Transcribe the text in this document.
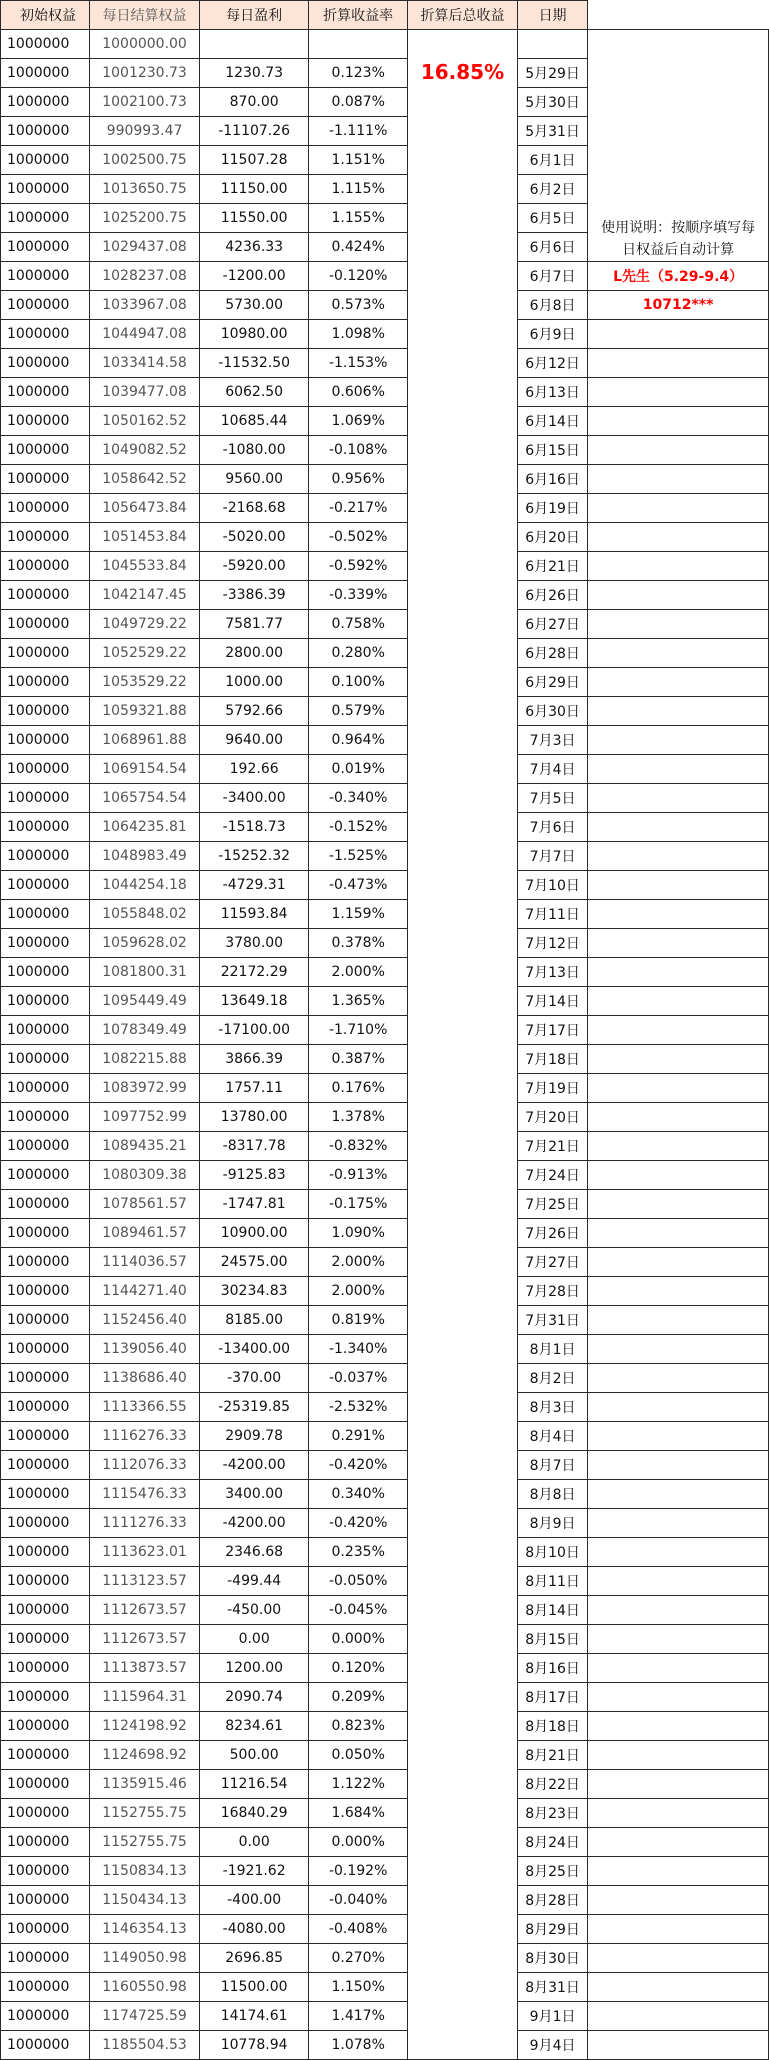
初始权益	每日结算权益	每日盈利	折算收益率	折算后总收益	日期	
1000000	1000000.00			16.85%		使用说明：按顺序填写每日权益后自动计算
1000000	1001230.73	1230.73	0.123%		5月29日	
1000000	1002100.73	870.00	0.087%		5月30日	
1000000	990993.47	-11107.26	-1.111%		5月31日	
1000000	1002500.75	11507.28	1.151%		6月1日	
1000000	1013650.75	11150.00	1.115%		6月2日	
1000000	1025200.75	11550.00	1.155%		6月5日	
1000000	1029437.08	4236.33	0.424%		6月6日	
1000000	1028237.08	-1200.00	-0.120%		6月7日	L先生（5.29-9.4）
1000000	1033967.08	5730.00	0.573%		6月8日	10712***
1000000	1044947.08	10980.00	1.098%		6月9日	
1000000	1033414.58	-11532.50	-1.153%		6月12日	
1000000	1039477.08	6062.50	0.606%		6月13日	
1000000	1050162.52	10685.44	1.069%		6月14日	
1000000	1049082.52	-1080.00	-0.108%		6月15日	
1000000	1058642.52	9560.00	0.956%		6月16日	
1000000	1056473.84	-2168.68	-0.217%		6月19日	
1000000	1051453.84	-5020.00	-0.502%		6月20日	
1000000	1045533.84	-5920.00	-0.592%		6月21日	
1000000	1042147.45	-3386.39	-0.339%		6月26日	
1000000	1049729.22	7581.77	0.758%		6月27日	
1000000	1052529.22	2800.00	0.280%		6月28日	
1000000	1053529.22	1000.00	0.100%		6月29日	
1000000	1059321.88	5792.66	0.579%		6月30日	
1000000	1068961.88	9640.00	0.964%		7月3日	
1000000	1069154.54	192.66	0.019%		7月4日	
1000000	1065754.54	-3400.00	-0.340%		7月5日	
1000000	1064235.81	-1518.73	-0.152%		7月6日	
1000000	1048983.49	-15252.32	-1.525%		7月7日	
1000000	1044254.18	-4729.31	-0.473%		7月10日	
1000000	1055848.02	11593.84	1.159%		7月11日	
1000000	1059628.02	3780.00	0.378%		7月12日	
1000000	1081800.31	22172.29	2.000%		7月13日	
1000000	1095449.49	13649.18	1.365%		7月14日	
1000000	1078349.49	-17100.00	-1.710%		7月17日	
1000000	1082215.88	3866.39	0.387%		7月18日	
1000000	1083972.99	1757.11	0.176%		7月19日	
1000000	1097752.99	13780.00	1.378%		7月20日	
1000000	1089435.21	-8317.78	-0.832%		7月21日	
1000000	1080309.38	-9125.83	-0.913%		7月24日	
1000000	1078561.57	-1747.81	-0.175%		7月25日	
1000000	1089461.57	10900.00	1.090%		7月26日	
1000000	1114036.57	24575.00	2.000%		7月27日	
1000000	1144271.40	30234.83	2.000%		7月28日	
1000000	1152456.40	8185.00	0.819%		7月31日	
1000000	1139056.40	-13400.00	-1.340%		8月1日	
1000000	1138686.40	-370.00	-0.037%		8月2日	
1000000	1113366.55	-25319.85	-2.532%		8月3日	
1000000	1116276.33	2909.78	0.291%		8月4日	
1000000	1112076.33	-4200.00	-0.420%		8月7日	
1000000	1115476.33	3400.00	0.340%		8月8日	
1000000	1111276.33	-4200.00	-0.420%		8月9日	
1000000	1113623.01	2346.68	0.235%		8月10日	
1000000	1113123.57	-499.44	-0.050%		8月11日	
1000000	1112673.57	-450.00	-0.045%		8月14日	
1000000	1112673.57	0.00	0.000%		8月15日	
1000000	1113873.57	1200.00	0.120%		8月16日	
1000000	1115964.31	2090.74	0.209%		8月17日	
1000000	1124198.92	8234.61	0.823%		8月18日	
1000000	1124698.92	500.00	0.050%		8月21日	
1000000	1135915.46	11216.54	1.122%		8月22日	
1000000	1152755.75	16840.29	1.684%		8月23日	
1000000	1152755.75	0.00	0.000%		8月24日	
1000000	1150834.13	-1921.62	-0.192%		8月25日	
1000000	1150434.13	-400.00	-0.040%		8月28日	
1000000	1146354.13	-4080.00	-0.408%		8月29日	
1000000	1149050.98	2696.85	0.270%		8月30日	
1000000	1160550.98	11500.00	1.150%		8月31日	
1000000	1174725.59	14174.61	1.417%		9月1日	
1000000	1185504.53	10778.94	1.078%		9月4日	
